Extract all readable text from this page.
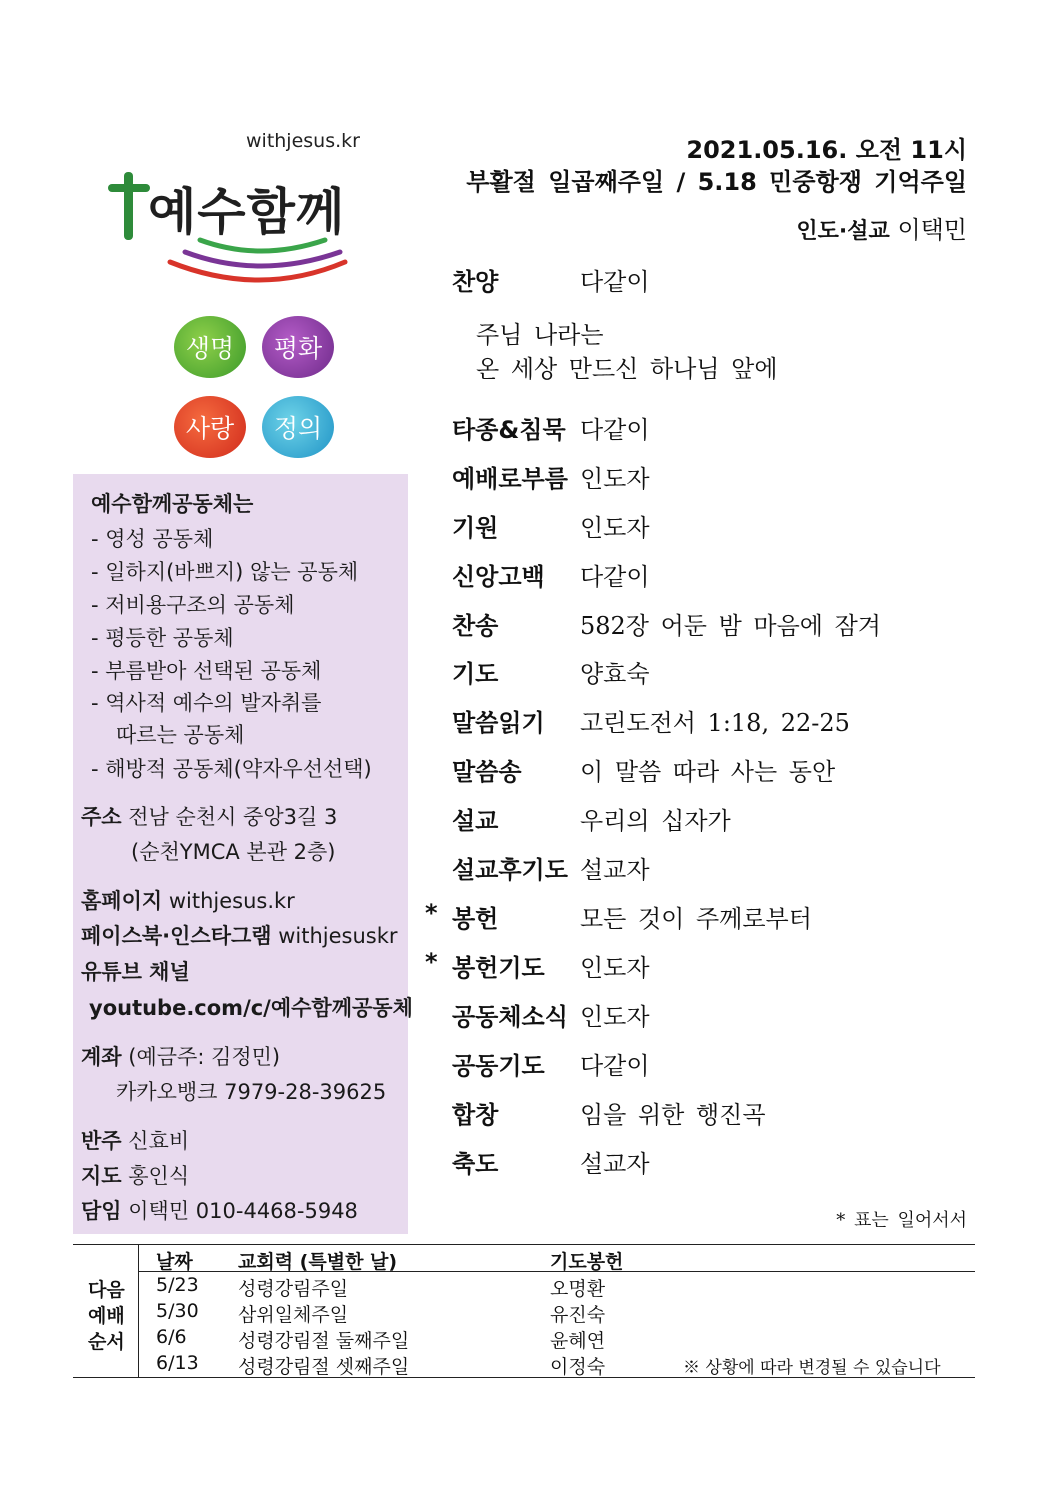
withjesus.kr
예수함께
생명	평화
사랑	정의
예수함께공동체는
- 영성 공동체
- 일하지(바쁘지) 않는 공동체
- 저비용구조의 공동체
- 평등한 공동체
- 부름받아 선택된 공동체
- 역사적 예수의 발자취를
따르는 공동체
- 해방적 공동체(약자우선선택)
주소 전남 순천시 중앙3길 3
(순천YMCA 본관 2층)
홈페이지 withjesus.kr
페이스북·인스타그램 withjesuskr
유튜브 채널
youtube.com/c/예수함께공동체
계좌 (예금주: 김정민)
카카오뱅크 7979-28-39625
반주 신효비
지도 홍인식
담임 이택민 010-4468-5948
2021.05.16. 오전 11시
부활절 일곱째주일 / 5.18 민중항쟁 기억주일
인도·설교 이택민
찬양	다같이
타종&침묵 다같이
예배로부름 인도자
기원	인도자
신앙고백 다같이
찬송	582장 어둔 밤 마음에 잠겨
기도	양효숙
말씀읽기 고린도전서 1:18, 22-25
말씀송 이 말씀 따라 사는 동안
설교	우리의 십자가
설교후기도 설교자
* 봉헌	모든 것이 주께로부터
* 봉헌기도 인도자
공동체소식 인도자
공동기도 다같이
합창	임을 위한 행진곡
축도	설교자
주님 나라는
온 세상 만드신 하나님 앞에
* 표는 일어서서
다음
예배
순서
날짜 교회력 (특별한 날)	기도봉헌
5/23 성령강림주일	오명환
5/30 삼위일체주일	유진숙
6/6	성령강림절 둘째주일	윤혜연
6/13 성령강림절 셋째주일	이정숙	※ 상황에 따라 변경될 수 있습니다
